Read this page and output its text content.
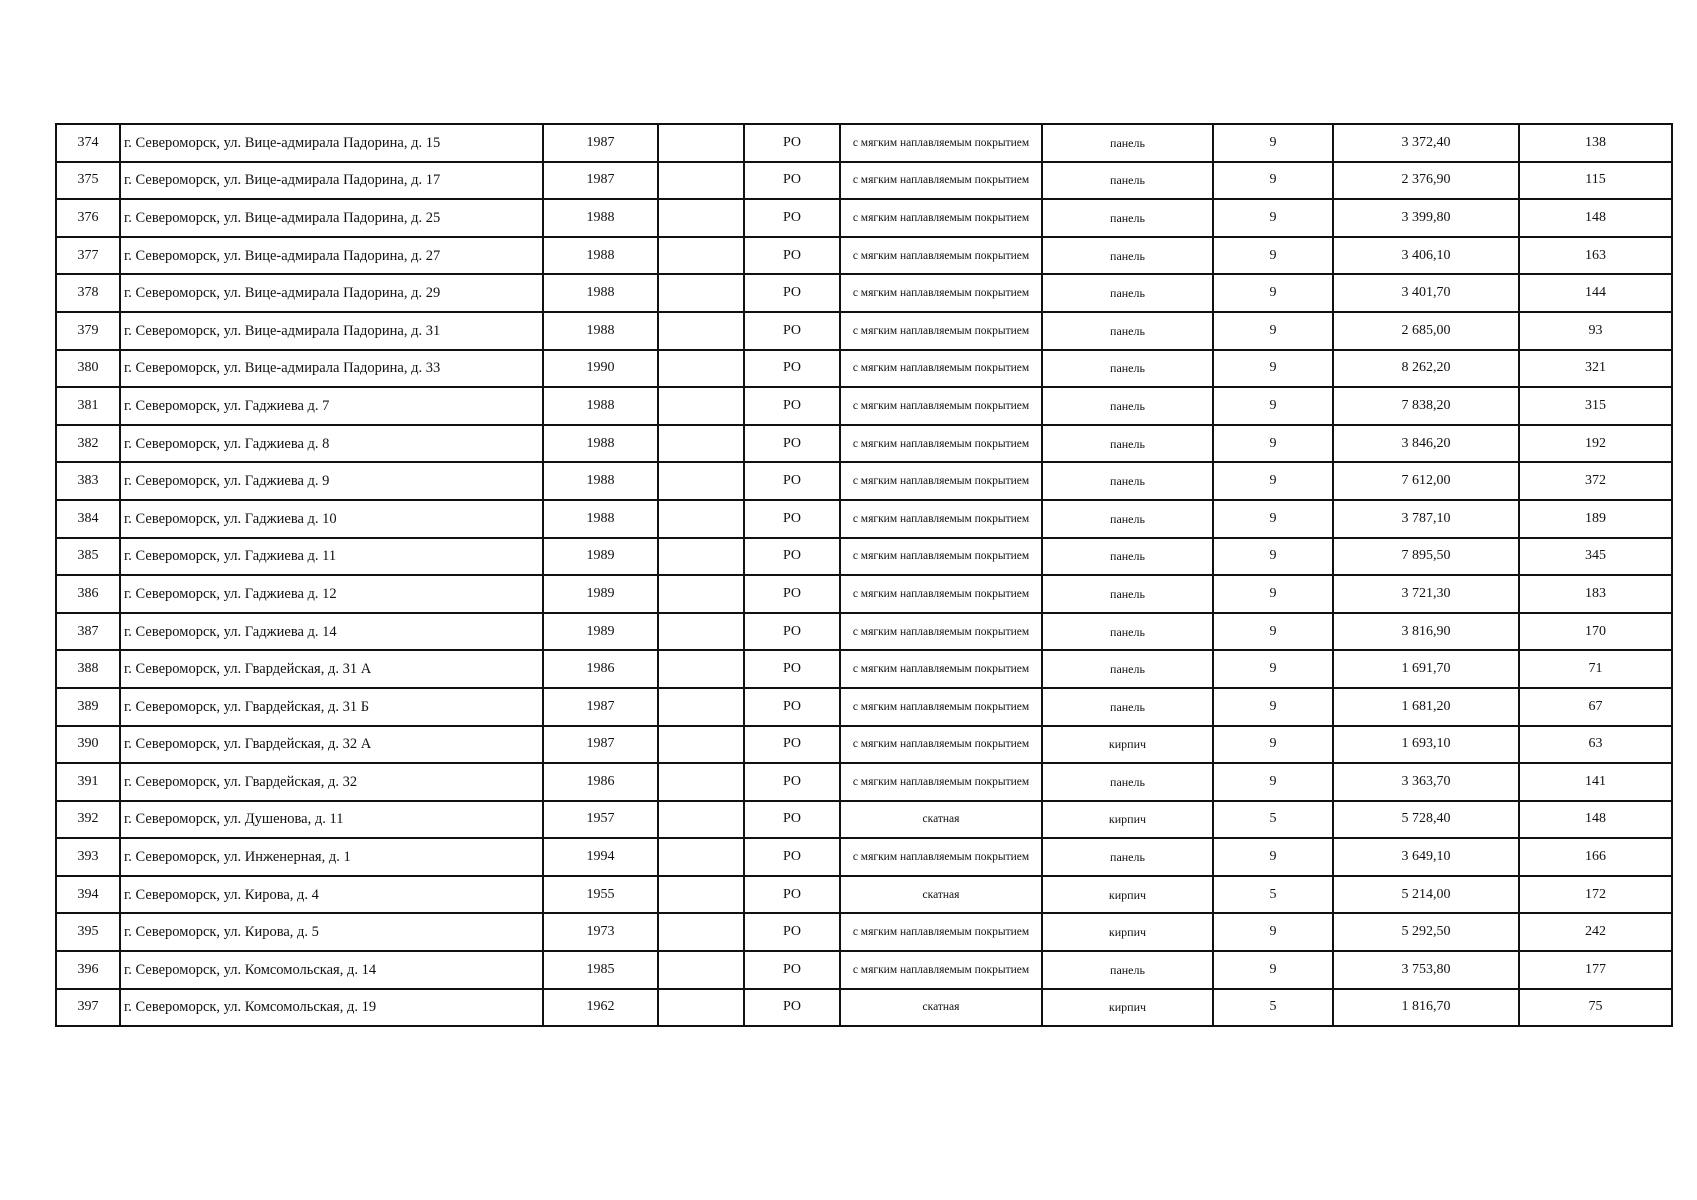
374	г. Североморск, ул. Вице-адмирала Падорина, д. 15	1987		РО	с мягким наплавляемым покрытием	панель	9	3 372,40	138
375	г. Североморск, ул. Вице-адмирала Падорина, д. 17	1987		РО	с мягким наплавляемым покрытием	панель	9	2 376,90	115
376	г. Североморск, ул. Вице-адмирала Падорина, д. 25	1988		РО	с мягким наплавляемым покрытием	панель	9	3 399,80	148
377	г. Североморск, ул. Вице-адмирала Падорина, д. 27	1988		РО	с мягким наплавляемым покрытием	панель	9	3 406,10	163
378	г. Североморск, ул. Вице-адмирала Падорина, д. 29	1988		РО	с мягким наплавляемым покрытием	панель	9	3 401,70	144
379	г. Североморск, ул. Вице-адмирала Падорина, д. 31	1988		РО	с мягким наплавляемым покрытием	панель	9	2 685,00	93
380	г. Североморск, ул. Вице-адмирала Падорина, д. 33	1990		РО	с мягким наплавляемым покрытием	панель	9	8 262,20	321
381	г. Североморск, ул. Гаджиева д. 7	1988		РО	с мягким наплавляемым покрытием	панель	9	7 838,20	315
382	г. Североморск, ул. Гаджиева д. 8	1988		РО	с мягким наплавляемым покрытием	панель	9	3 846,20	192
383	г. Североморск, ул. Гаджиева д. 9	1988		РО	с мягким наплавляемым покрытием	панель	9	7 612,00	372
384	г. Североморск, ул. Гаджиева д. 10	1988		РО	с мягким наплавляемым покрытием	панель	9	3 787,10	189
385	г. Североморск, ул. Гаджиева д. 11	1989		РО	с мягким наплавляемым покрытием	панель	9	7 895,50	345
386	г. Североморск, ул. Гаджиева д. 12	1989		РО	с мягким наплавляемым покрытием	панель	9	3 721,30	183
387	г. Североморск, ул. Гаджиева д. 14	1989		РО	с мягким наплавляемым покрытием	панель	9	3 816,90	170
388	г. Североморск, ул. Гвардейская, д. 31 А	1986		РО	с мягким наплавляемым покрытием	панель	9	1 691,70	71
389	г. Североморск, ул. Гвардейская, д. 31 Б	1987		РО	с мягким наплавляемым покрытием	панель	9	1 681,20	67
390	г. Североморск, ул. Гвардейская, д. 32 А	1987		РО	с мягким наплавляемым покрытием	кирпич	9	1 693,10	63
391	г. Североморск, ул. Гвардейская, д. 32	1986		РО	с мягким наплавляемым покрытием	панель	9	3 363,70	141
392	г. Североморск, ул. Душенова, д. 11	1957		РО	скатная	кирпич	5	5 728,40	148
393	г. Североморск, ул. Инженерная, д. 1	1994		РО	с мягким наплавляемым покрытием	панель	9	3 649,10	166
394	г. Североморск, ул. Кирова, д. 4	1955		РО	скатная	кирпич	5	5 214,00	172
395	г. Североморск, ул. Кирова, д. 5	1973		РО	с мягким наплавляемым покрытием	кирпич	9	5 292,50	242
396	г. Североморск, ул. Комсомольская, д. 14	1985		РО	с мягким наплавляемым покрытием	панель	9	3 753,80	177
397	г. Североморск, ул. Комсомольская, д. 19	1962		РО	скатная	кирпич	5	1 816,70	75
